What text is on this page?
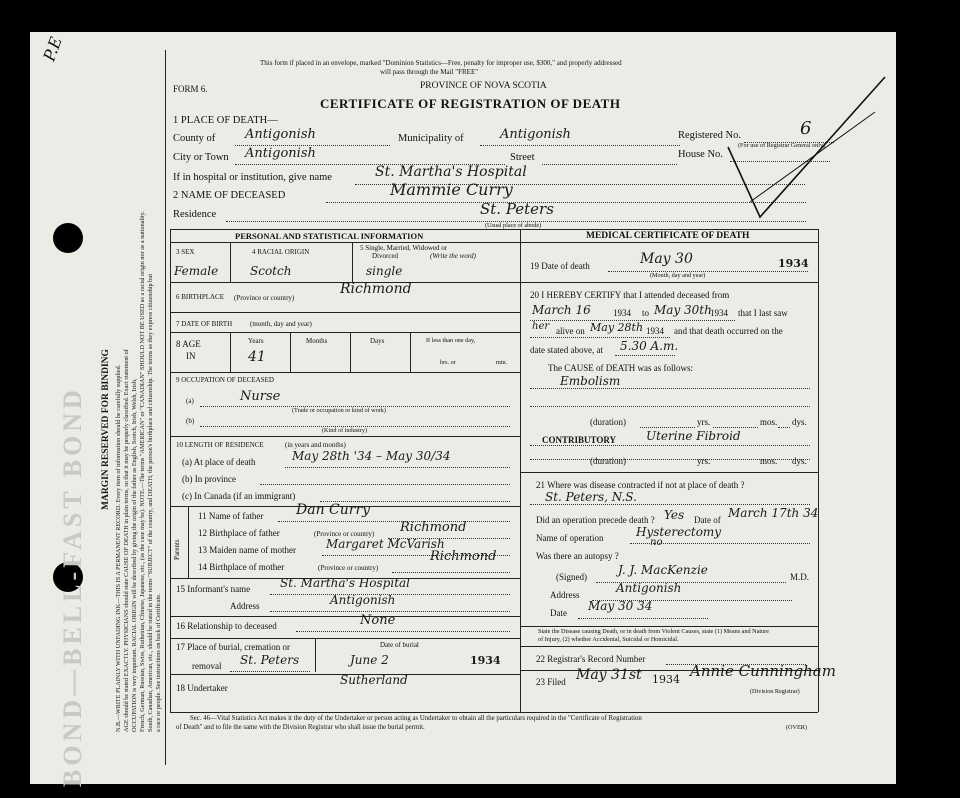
P.E
BOND—BELL-FAST BOND MARGIN RESERVED FOR BINDING N.B.—WRITE PLAINLY WITH UNFADING INK—THIS IS A PERMANENT RECORD. Every item of information should be carefully supplied. AGE should be stated EXACTLY. PHYSICIANS should state CAUSE OF DEATH in plain terms, so that it may be properly classified. Exact statement of OCCUPATION is very important. RACIAL ORIGIN will be described by giving the origin of the father as English, Scotch, Irish, Welsh, Irish, French, German, Russian, Swiss, Ruthenian, Chinese, Japanese, etc., (as the case may be). NOTE.—The terms "AMERICAN" or "CANADIAN" SHOULD NOT BE USED as a racial origin nor as a nationality. South, Canadian, American, etc., should be stated in the terms "SUBJECT" of the country, and DEATH, the person's birthplace and citizenship. The terms as they express citizenship but a race or people. See instructions on back of Certificate.
This form if placed in an envelope, marked "Dominion Statistics—Free, penalty for improper use, $300," and properly addressed
will pass through the Mail "FREE"
FORM 6.	PROVINCE OF NOVA SCOTIA
CERTIFICATE OF REGISTRATION OF DEATH
1 PLACE OF DEATH—
County of Antigonish	Municipality of	Antigonish	Registered No.	6
(For use of Registrar General only)
City or Town Antigonish	Street	House No.
If in hospital or institution, give name	St. Martha's Hospital
2 NAME OF DECEASED	Mammie Curry
Residence	St. Peters
(Usual place of abode)
PERSONAL AND STATISTICAL INFORMATION
3 SEX	4 RACIAL ORIGIN	5 Single, Married, Widowed or
Divorced	(Write the word)
Female	Scotch	single
6 BIRTHPLACE (Province or country)
Richmond
7 DATE OF BIRTH	(month, day and year)
8 AGE
IN
Years
41
Months	Days	If less than one day,
hrs. or	min.
9 OCCUPATION OF DECEASED
(a)	Nurse
(Trade or occupation or kind of work)
(b)
(Kind of industry)
10 LENGTH OF RESIDENCE	(in years and months)
(a) At place of death	May 28th '34 – May 30/34
(b) In province
(c) In Canada (if an immigrant)
Parents
11 Name of father Dan Curry
12 Birthplace of father	(Province or country) Richmond
13 Maiden name of mother	Margaret McVarish
14 Birthplace of mother	(Province or country)
Richmond
15 Informant's name St. Martha's Hospital
Address	Antigonish
16 Relationship to deceased	None
17 Place of burial, cremation or
removal St. Peters
Date of burial
June 2	1934
18 Undertaker
Sutherland
MEDICAL CERTIFICATE OF DEATH
19 Date of death	May 30	1934
(Month, day and year)
20 I HEREBY CERTIFY that I attended deceased from
March 16 1934 to May 30th
1934 that I last saw
her alive on May 28th 1934 and that death occurred on the
date stated above, at 5.30 A.m.
The CAUSE of DEATH was as follows:
Embolism
(duration)	yrs.	mos. dys.
CONTRIBUTORY Uterine Fibroid
(duration)	yrs.	mos. dys.
21 Where was disease contracted if not at place of death ?
St. Peters, N.S.
Did an operation precede death ? Yes Date of March 17th 34
Name of operation	Hysterectomy
Was there an autopsy ?
no
(Signed)	J. J. MacKenzie	M.D.
Address	Antigonish
Date May 30 34
State the Disease causing Death, or in death from Violent Causes, state (1) Means and Nature
of Injury, (2) whether Accidental, Suicidal or Homicidal.
22 Registrar's Record Number
23 Filed May 31st 1934 Annie Cunningham
(Division Registrar)
Sec. 46—Vital Statistics Act makes it the duty of the Undertaker or person acting as Undertaker to obtain all the particulars required in the "Certificate of Registration
of Death" and to file the same with the Division Registrar who shall issue the burial permit.	(OVER)
